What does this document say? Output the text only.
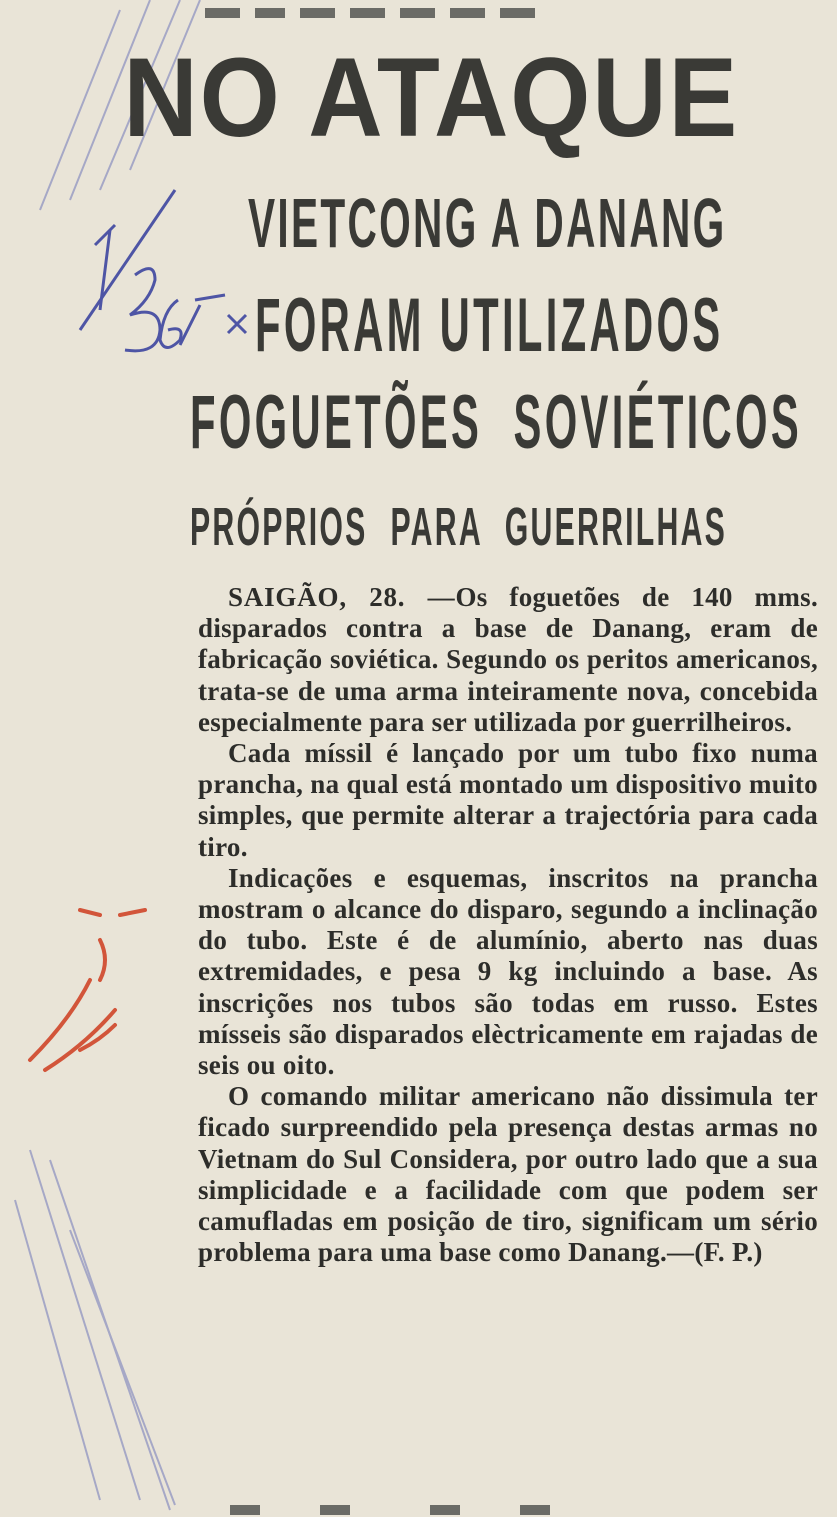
NO ATAQUE
VIETCONG A DANANG
FORAM UTILIZADOS
FOGUETÕES SOVIÉTICOS
PRÓPRIOS PARA GUERRILHAS

SAIGÃO, 28. —Os foguetões de 140 mms. disparados contra a base de Danang, eram de fabricação soviética. Segundo os peritos americanos, trata-se de uma arma inteiramente nova, concebida especialmente para ser utilizada por guerrilheiros.

Cada míssil é lançado por um tubo fixo numa prancha, na qual está montado um dispositivo muito simples, que permite alterar a trajectória para cada tiro.

Indicações e esquemas, inscritos na prancha mostram o alcance do disparo, segundo a inclinação do tubo. Este é de alumínio, aberto nas duas extremidades, e pesa 9 kg incluindo a base. As inscrições nos tubos são todas em russo. Estes mísseis são disparados elèctricamente em rajadas de seis ou oito.

O comando militar americano não dissimula ter ficado surpreendido pela presença destas armas no Vietnam do Sul Considera, por outro lado que a sua simplicidade e a facilidade com que podem ser camufladas em posição de tiro, significam um sério problema para uma base como Danang.—(F. P.)
